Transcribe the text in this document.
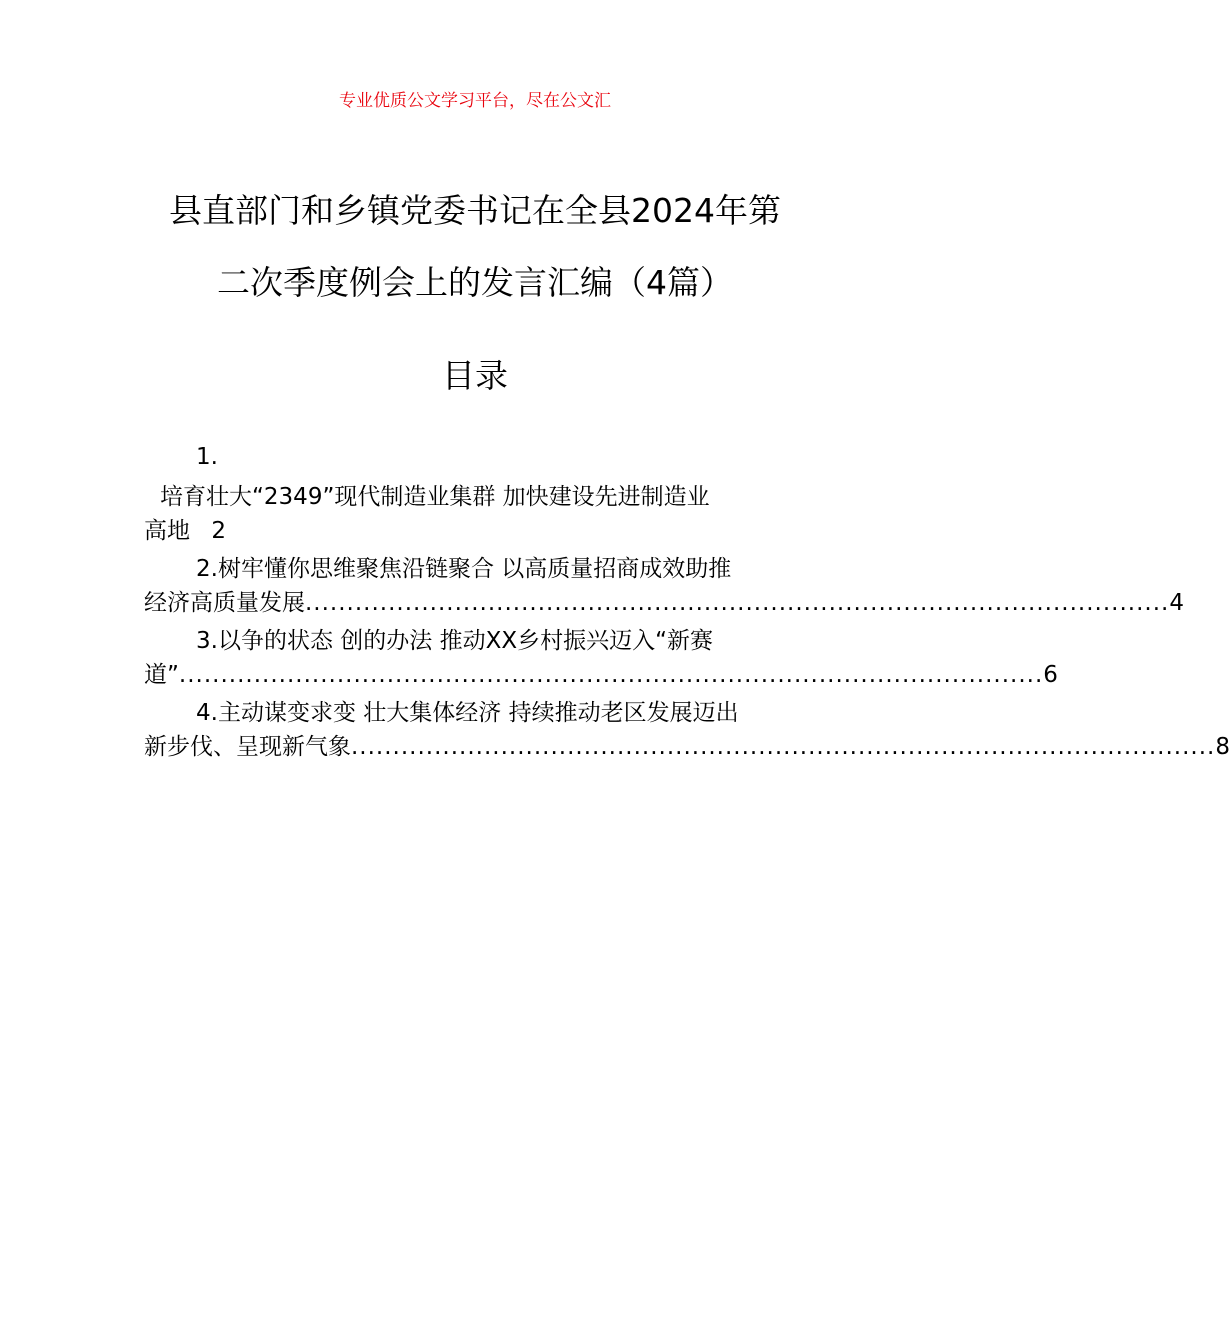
专业优质公文学习平台，尽在公文汇
县直部门和乡镇党委书记在全县2024年第
二次季度例会上的发言汇编（4篇）
目录
1.
培育壮大“2349”现代制造业集群 加快建设先进制造业
高地 2
2.树牢懂你思维聚焦沿链聚合 以高质量招商成效助推
经济高质量发展 ........................................................................................................ 4
3.以争的状态 创的办法 推动XX乡村振兴迈入“新赛
道” ........................................................................................................ 6
4.主动谋变求变 壮大集体经济 持续推动老区发展迈出
新步伐、呈现新气象 ........................................................................................................ 8
